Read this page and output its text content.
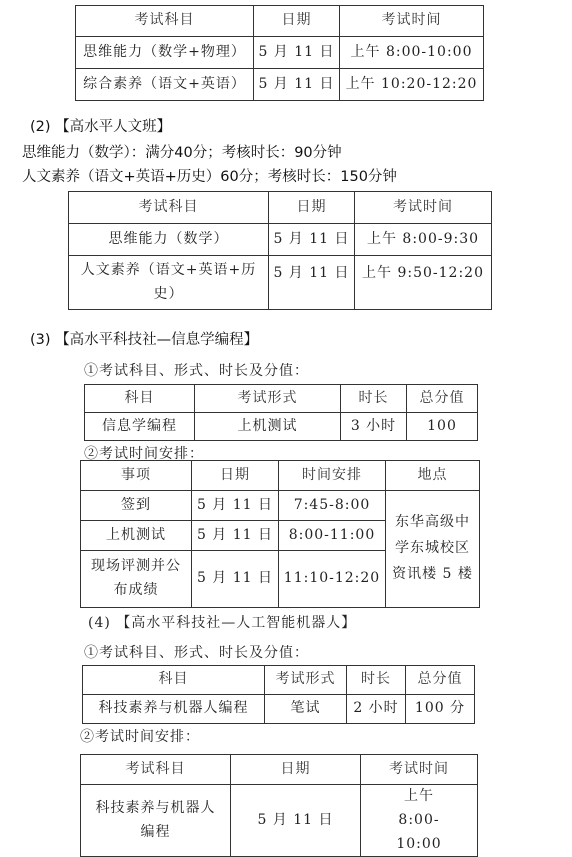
考试科目	日期	考试时间
思维能力（数学+物理）	5 月 11 日	上午 8:00-10:00
综合素养（语文+英语）	5 月 11 日	上午 10:20-12:20
(2) 【高水平人文班】
思维能力（数学）：满分40分；考核时长：90分钟
人文素养（语文+英语+历史）60分；考核时长：150分钟
考试科目	日期	考试时间
思维能力（数学）	5 月 11 日	上午 8:00-9:30
人文素养（语文+英语+历史）	5 月 11 日	上午 9:50-12:20
(3) 【高水平科技社—信息学编程】
①考试科目、形式、时长及分值：
科目	考试形式	时长	总分值
信息学编程	上机测试	3 小时	100
②考试时间安排：
事项	日期	时间安排	地点
签到	5 月 11 日	7:45-8:00	东华高级中学东城校区资讯楼 5 楼
上机测试	5 月 11 日	8:00-11:00	
现场评测并公布成绩	5 月 11 日	11:10-12:20	
(4) 【高水平科技社—人工智能机器人】
①考试科目、形式、时长及分值：
科目	考试形式	时长	总分值
科技素养与机器人编程	笔试	2 小时	100 分
②考试时间安排：
考试科目	日期	考试时间
科技素养与机器人编程	5 月 11 日	上午 8:00-10:00
